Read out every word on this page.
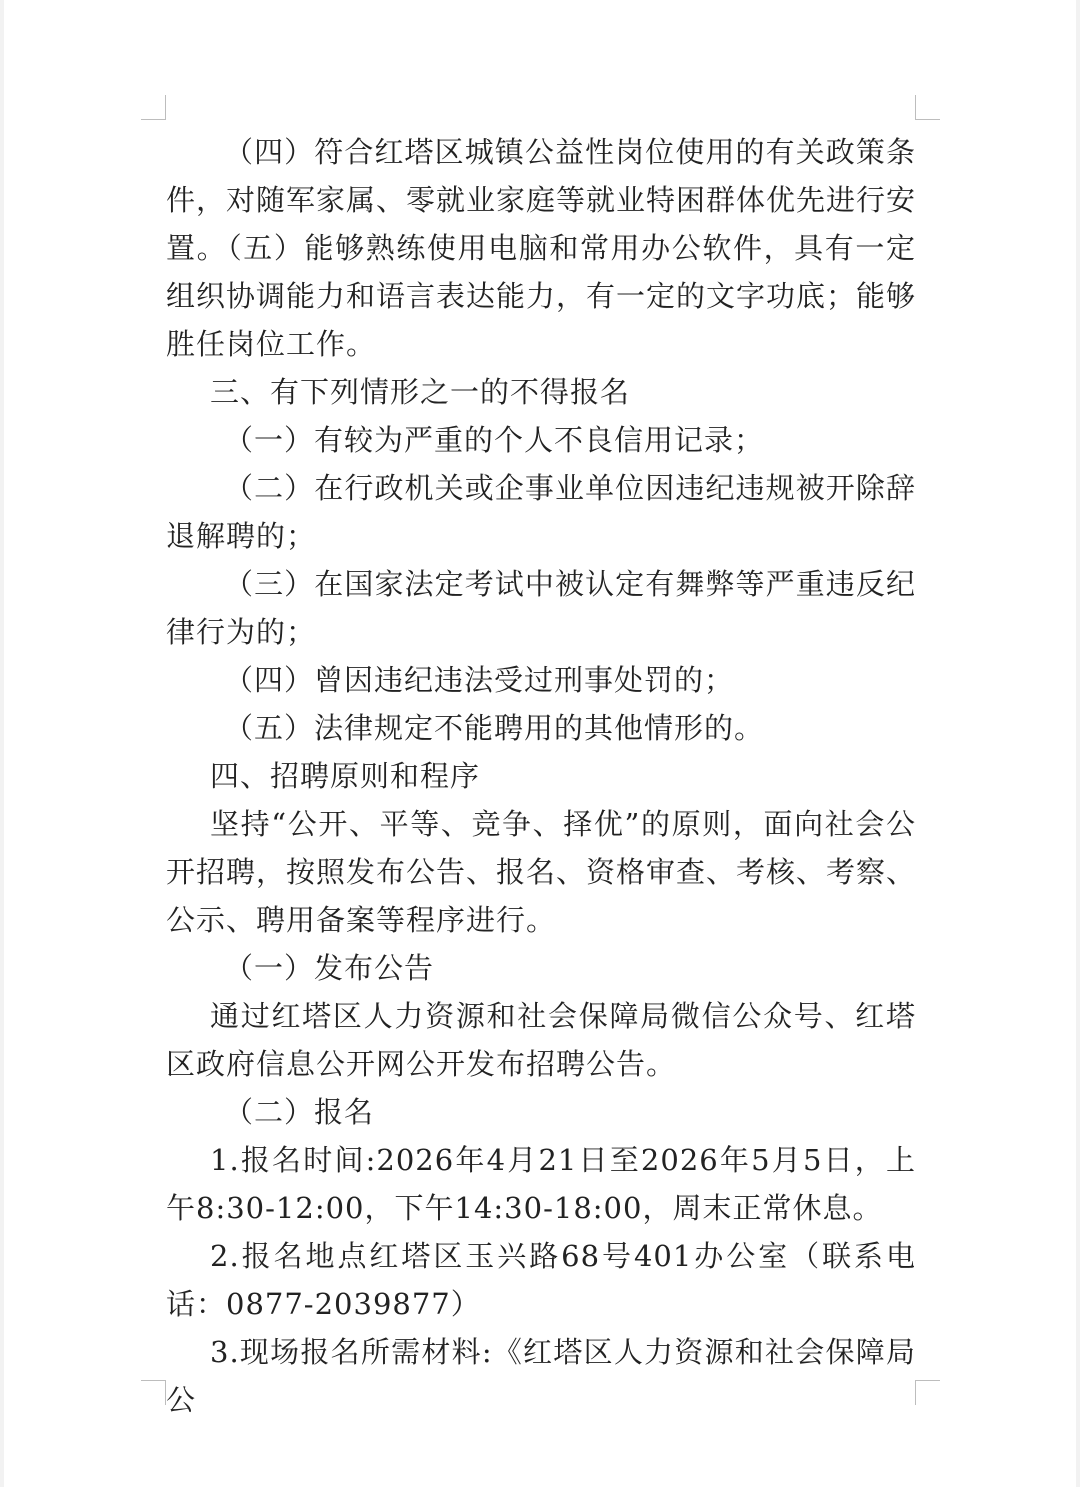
（四）符合红塔区城镇公益性岗位使用的有关政策条件，对随军家属、零就业家庭等就业特困群体优先进行安置。（五）能够熟练使用电脑和常用办公软件，具有一定组织协调能力和语言表达能力，有一定的文字功底；能够胜任岗位工作。

三、有下列情形之一的不得报名

（一）有较为严重的个人不良信用记录；

（二）在行政机关或企事业单位因违纪违规被开除辞退解聘的；

（三）在国家法定考试中被认定有舞弊等严重违反纪律行为的；

（四）曾因违纪违法受过刑事处罚的；

（五）法律规定不能聘用的其他情形的。

四、招聘原则和程序

坚持“公开、平等、竞争、择优”的原则，面向社会公开招聘，按照发布公告、报名、资格审查、考核、考察、公示、聘用备案等程序进行。

（一）发布公告

通过红塔区人力资源和社会保障局微信公众号、红塔区政府信息公开网公开发布招聘公告。

（二）报名

1.报名时间:2026年4月21日至2026年5月5日，上午8:30-12:00，下午14:30-18:00，周末正常休息。

2.报名地点红塔区玉兴路68号401办公室（联系电话：0877-2039877）

3.现场报名所需材料:《红塔区人力资源和社会保障局公
